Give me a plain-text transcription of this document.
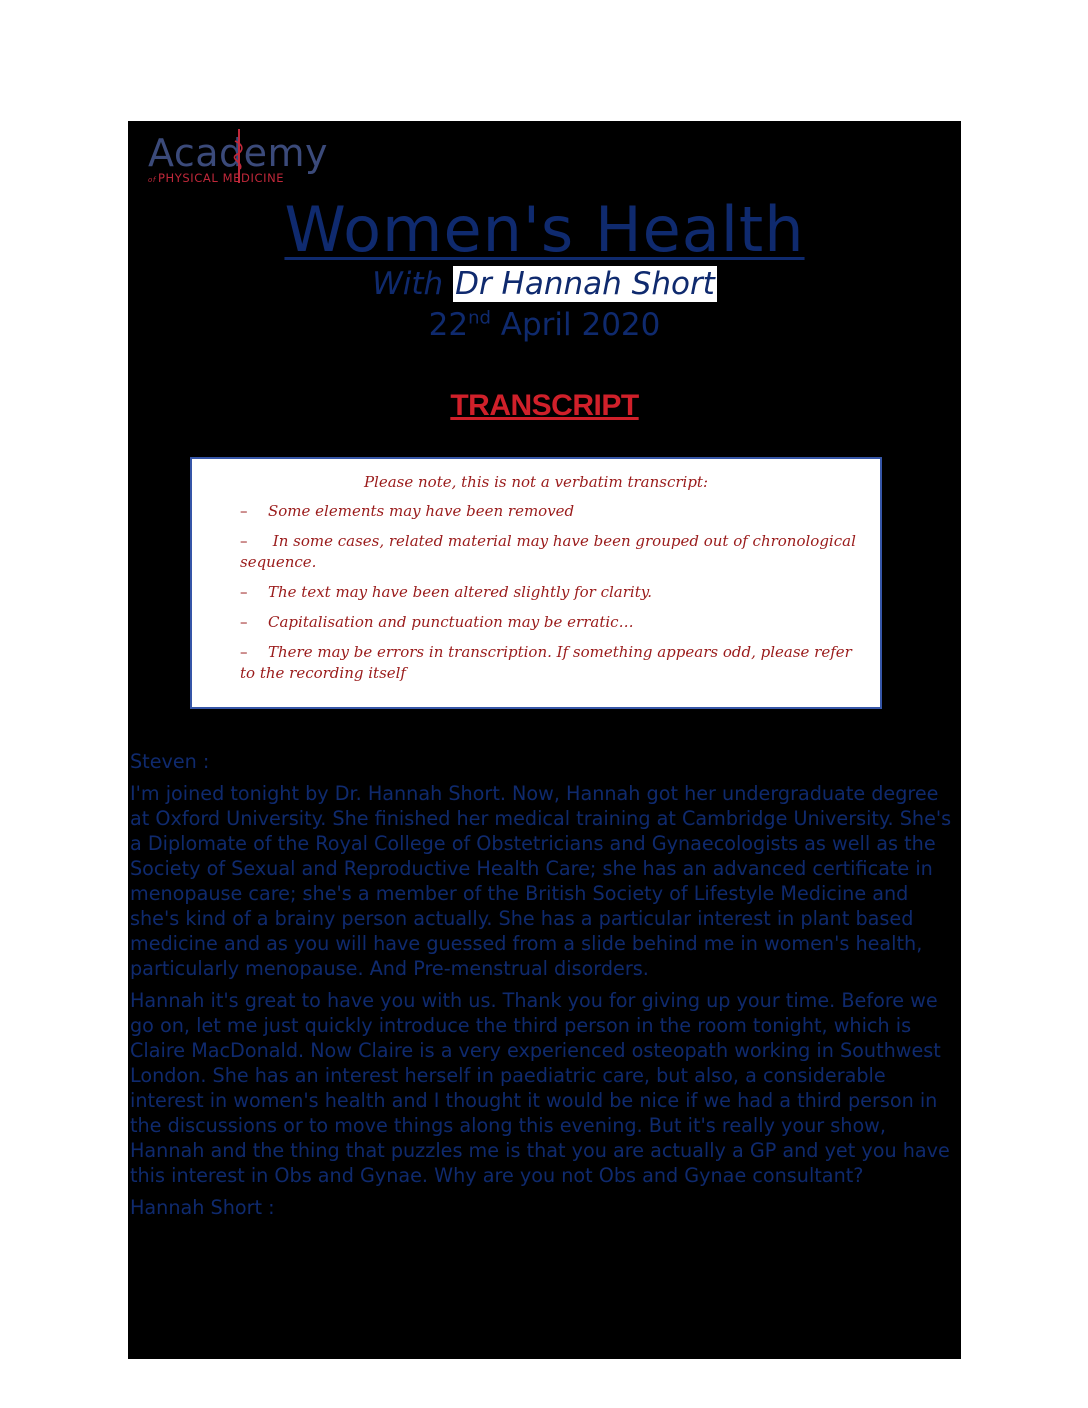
Academy
of PHYSICAL MEDICINE
Women's Health
With Dr Hannah Short
22nd April 2020
TRANSCRIPT
Please note, this is not a verbatim transcript:
– Some elements may have been removed
– In some cases, related material may have been grouped out of chronological sequence.
– The text may have been altered slightly for clarity.
– Capitalisation and punctuation may be erratic…
– There may be errors in transcription. If something appears odd, please refer to the recording itself

Steven :

I'm joined tonight by Dr. Hannah Short. Now, Hannah got her undergraduate degree at Oxford University. She finished her medical training at Cambridge University. She's a Diplomate of the Royal College of Obstetricians and Gynaecologists as well as the Society of Sexual and Reproductive Health Care; she has an advanced certificate in menopause care; she's a member of the British Society of Lifestyle Medicine and she's kind of a brainy person actually. She has a particular interest in plant based medicine and as you will have guessed from a slide behind me in women's health, particularly menopause. And Pre-menstrual disorders.

Hannah it's great to have you with us. Thank you for giving up your time. Before we go on, let me just quickly introduce the third person in the room tonight, which is Claire MacDonald. Now Claire is a very experienced osteopath working in Southwest London. She has an interest herself in paediatric care, but also, a considerable interest in women's health and I thought it would be nice if we had a third person in the discussions or to move things along this evening. But it's really your show, Hannah and the thing that puzzles me is that you are actually a GP and yet you have this interest in Obs and Gynae. Why are you not Obs and Gynae consultant?

Hannah Short :
